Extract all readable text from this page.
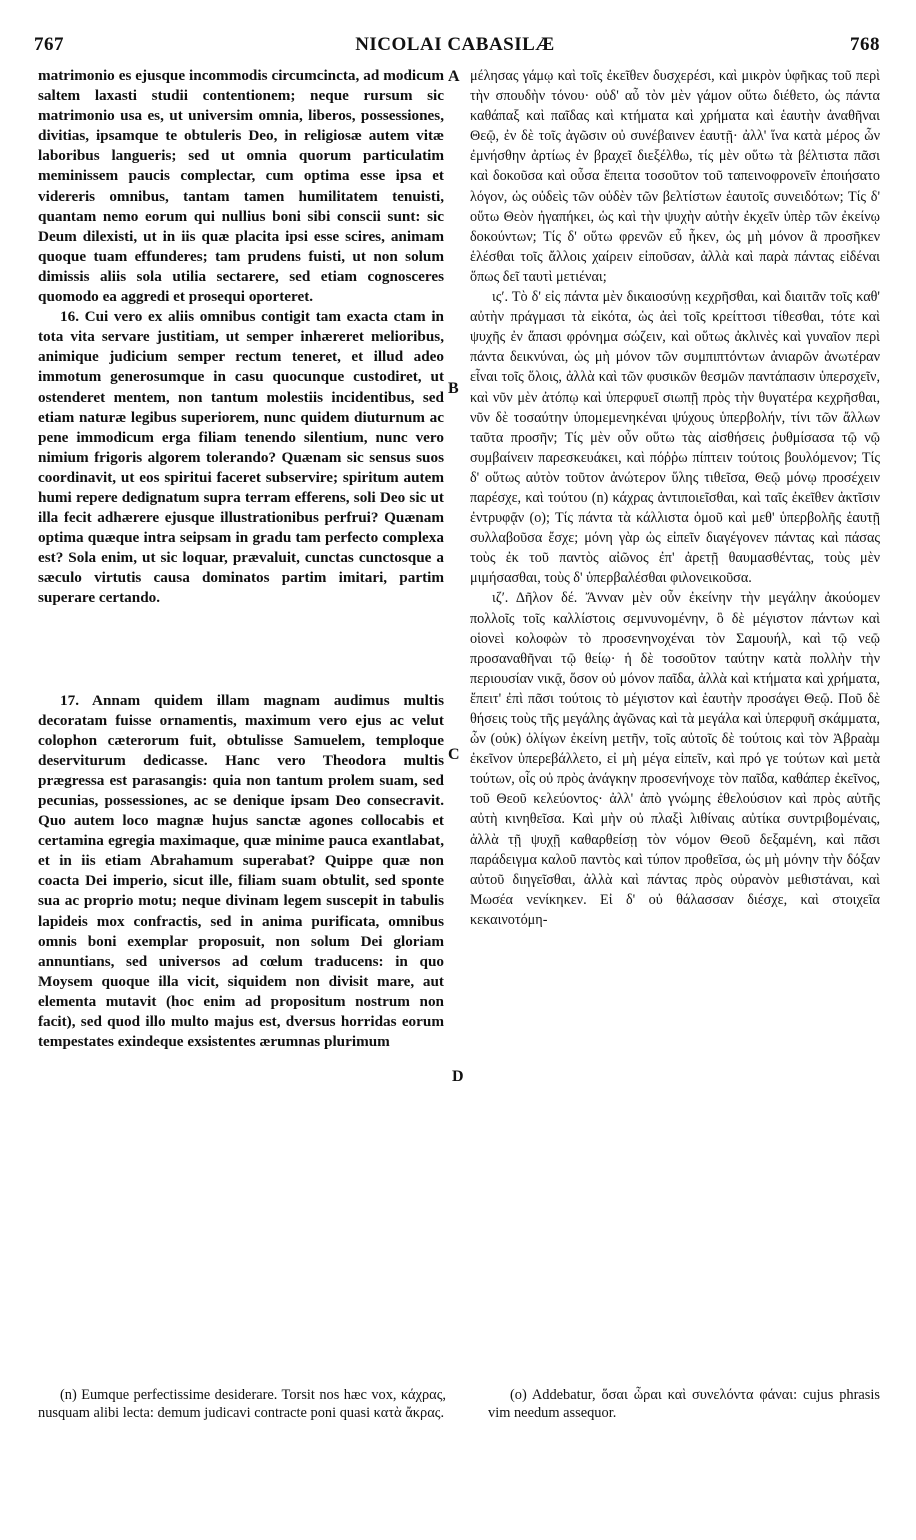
767	NICOLAI CABASILÆ	768

matrimonio es ejusque incommodis circumcincta, ad modicum saltem laxasti studii contentionem; neque rursum sic matrimonio usa es, ut universim omnia, liberos, possessiones, divitias, ipsamque te obtuleris Deo, in religiosæ autem vitæ laboribus langueris; sed ut omnia quorum particulatim meminissem paucis complectar, cum optima esse ipsa et videreris omnibus, tantam tamen humilitatem tenuisti, quantam nemo eorum qui nullius boni sibi conscii sunt: sic Deum dilexisti, ut in iis quæ placita ipsi esse scires, animam quoque tuam effunderes; tam prudens fuisti, ut non solum dimissis aliis sola utilia sectarere, sed etiam cognosceres quomodo ea aggredi et prosequi oporteret.

16. Cui vero ex aliis omnibus contigit tam exacta ctam in tota vita servare justitiam, ut semper inhæreret melioribus, animique judicium semper rectum teneret, et illud adeo immotum generosumque in casu quocunque custodiret, ut ostenderet mentem, non tantum molestiis incidentibus, sed etiam naturæ legibus superiorem, nunc quidem diuturnum ac pene immodicum erga filiam tenendo silentium, nunc vero nimium frigoris algorem tolerando? Quænam sic sensus suos coordinavit, ut eos spiritui faceret subservire; spiritum autem humi repere dedignatum supra terram efferens, soli Deo sic ut illa fecit adhærere ejusque illustrationibus perfrui? Quænam optima quæque intra seipsam in gradu tam perfecto complexa est? Sola enim, ut sic loquar, prævaluit, cunctas cunctosque a sæculo virtutis causa dominatos partim imitari, partim superare certando.

17. Annam quidem illam magnam audimus multis decoratam fuisse ornamentis, maximum vero ejus ac velut colophon cæterorum fuit, obtulisse Samuelem, temploque deserviturum dedicasse. Hanc vero Theodora multis prægressa est parasangis: quia non tantum prolem suam, sed pecunias, possessiones, ac se denique ipsam Deo consecravit. Quo autem loco magnæ hujus sanctæ agones collocabis et certamina egregia maximaque, quæ minime pauca exantlabat, et in iis etiam Abrahamum superabat? Quippe quæ non coacta Dei imperio, sicut ille, filiam suam obtulit, sed sponte sua ac proprio motu; neque divinam legem suscepit in tabulis lapideis mox confractis, sed in anima purificata, omnibus omnis boni exemplar proposuit, non solum Dei gloriam annuntians, sed universos ad cœlum traducens: in quo Moysem quoque illa vicit, siquidem non divisit mare, aut elementa mutavit (hoc enim ad propositum nostrum non facit), sed quod illo multo majus est, dversus horridas eorum tempestates exindeque exsistentes ærumnas plurimum

A
B
C
D

μέλησας γάμῳ καὶ τοῖς ἐκεῖθεν δυσχερέσι, καὶ μικρὸν ὑφῆκας τοῦ περὶ τὴν σπουδὴν τόνου· οὐδ' αὖ τὸν μὲν γάμον οὕτω διέθετο, ὡς πάντα καθάπαξ καὶ παῖδας καὶ κτήματα καὶ χρήματα καὶ ἑαυτὴν ἀναθῆναι Θεῷ, ἐν δὲ τοῖς ἀγῶσιν οὐ συνέβαινεν ἑαυτῇ· ἀλλ' ἵνα κατὰ μέρος ὧν ἐμνήσθην ἀρτίως ἐν βραχεῖ διεξέλθω, τίς μὲν οὕτω τὰ βέλτιστα πᾶσι καὶ δοκοῦσα καὶ οὖσα ἔπειτα τοσοῦτον τοῦ ταπεινοφρονεῖν ἐποιήσατο λόγον, ὡς οὐδεὶς τῶν οὐδὲν τῶν βελτίστων ἑαυτοῖς συνειδότων; Τίς δ' οὕτω Θεὸν ἠγαπήκει, ὡς καὶ τὴν ψυχὴν αὐτὴν ἐκχεῖν ὑπὲρ τῶν ἐκείνῳ δοκούντων; Τίς δ' οὕτω φρενῶν εὖ ἧκεν, ὡς μὴ μόνον ἃ προσῆκεν ἑλέσθαι τοῖς ἄλλοις χαίρειν εἰποῦσαν, ἀλλὰ καὶ παρὰ πάντας εἰδέναι ὅπως δεῖ ταυτὶ μετιέναι;

ιςʹ. Τὸ δ' εἰς πάντα μὲν δικαιοσύνῃ κεχρῆσθαι, καὶ διαιτᾶν τοῖς καθ' αὐτὴν πράγμασι τὰ εἰκότα, ὡς ἀεὶ τοῖς κρείττοσι τίθεσθαι, τότε καὶ ψυχῆς ἐν ἅπασι φρόνημα σώζειν, καὶ οὕτως ἀκλινὲς καὶ γυναῖον περὶ πάντα δεικνύναι, ὡς μὴ μόνον τῶν συμπιπτόντων ἀνιαρῶν ἀνωτέραν εἶναι τοῖς ὅλοις, ἀλλὰ καὶ τῶν φυσικῶν θεσμῶν παντάπασιν ὑπερσχεῖν, καὶ νῦν μὲν ἀτόπῳ καὶ ὑπερφυεῖ σιωπῇ πρὸς τὴν θυγατέρα κεχρῆσθαι, νῦν δὲ τοσαύτην ὑπομεμενηκέναι ψύχους ὑπερβολήν, τίνι τῶν ἄλλων ταῦτα προσῆν; Τίς μὲν οὖν οὕτω τὰς αἰσθήσεις ῥυθμίσασα τῷ νῷ συμβαίνειν παρεσκευάκει, καὶ πόῤῥω πίπτειν τούτοις βουλόμενον; Τίς δ' οὕτως αὐτὸν τοῦτον ἀνώτερον ὕλης τιθεῖσα, Θεῷ μόνῳ προσέχειν παρέσχε, καὶ τούτου (n) κάχρας ἀντιποιεῖσθαι, καὶ ταῖς ἐκεῖθεν ἀκτῖσιν ἐντρυφᾷν (o); Τίς πάντα τὰ κάλλιστα ὁμοῦ καὶ μεθ' ὑπερβολῆς ἑαυτῇ συλλαβοῦσα ἔσχε; μόνη γὰρ ὡς εἰπεῖν διαγέγονεν πάντας καὶ πάσας τοὺς ἐκ τοῦ παντὸς αἰῶνος ἐπ' ἀρετῇ θαυμασθέντας, τοὺς μὲν μιμήσασθαι, τοὺς δ' ὑπερβαλέσθαι φιλονεικοῦσα.

ιζʹ. Δῆλον δέ. Ἄνναν μὲν οὖν ἐκείνην τὴν μεγάλην ἀκούομεν πολλοῖς τοῖς καλλίστοις σεμνυνομένην, ὃ δὲ μέγιστον πάντων καὶ οἱονεὶ κολοφὼν τὸ προσενηνοχέναι τὸν Σαμουήλ, καὶ τῷ νεῷ προσαναθῆναι τῷ θείῳ· ἡ δὲ τοσοῦτον ταύτην κατὰ πολλὴν τὴν περιουσίαν νικᾷ, ὅσον οὐ μόνον παῖδα, ἀλλὰ καὶ κτήματα καὶ χρήματα, ἔπειτ' ἐπὶ πᾶσι τούτοις τὸ μέγιστον καὶ ἑαυτὴν προσάγει Θεῷ. Ποῦ δὲ θήσεις τοὺς τῆς μεγάλης ἀγῶνας καὶ τὰ μεγάλα καὶ ὑπερφυῆ σκάμματα, ὧν (οὐκ) ὀλίγων ἐκείνη μετῆν, τοῖς αὐτοῖς δὲ τούτοις καὶ τὸν Ἀβραὰμ ἐκεῖνον ὑπερεβάλλετο, εἰ μὴ μέγα εἰπεῖν, καὶ πρό γε τούτων καὶ μετὰ τούτων, οἷς οὐ πρὸς ἀνάγκην προσενήνοχε τὸν παῖδα, καθάπερ ἐκεῖνος, τοῦ Θεοῦ κελεύοντος· ἀλλ' ἀπὸ γνώμης ἐθελούσιον καὶ πρὸς αὑτῆς αὐτὴ κινηθεῖσα. Καὶ μὴν οὐ πλαξὶ λιθίναις αὐτίκα συντριβομέναις, ἀλλὰ τῇ ψυχῇ καθαρθείσῃ τὸν νόμον Θεοῦ δεξαμένη, καὶ πᾶσι παράδειγμα καλοῦ παντὸς καὶ τύπον προθεῖσα, ὡς μὴ μόνην τὴν δόξαν αὐτοῦ διηγεῖσθαι, ἀλλὰ καὶ πάντας πρὸς οὐρανὸν μεθιστάναι, καὶ Μωσέα νενίκηκεν. Εἰ δ' οὐ θάλασσαν διέσχε, καὶ στοιχεῖα κεκαινοτόμη-

(n) Eumque perfectissime desiderare. Torsit nos hæc vox, κάχρας, nusquam alibi lecta: demum judicavi contracte poni quasi κατὰ ἄκρας.

(o) Addebatur, ὅσαι ὧραι καὶ συνελόντα φάναι: cujus phrasis vim needum assequor.
